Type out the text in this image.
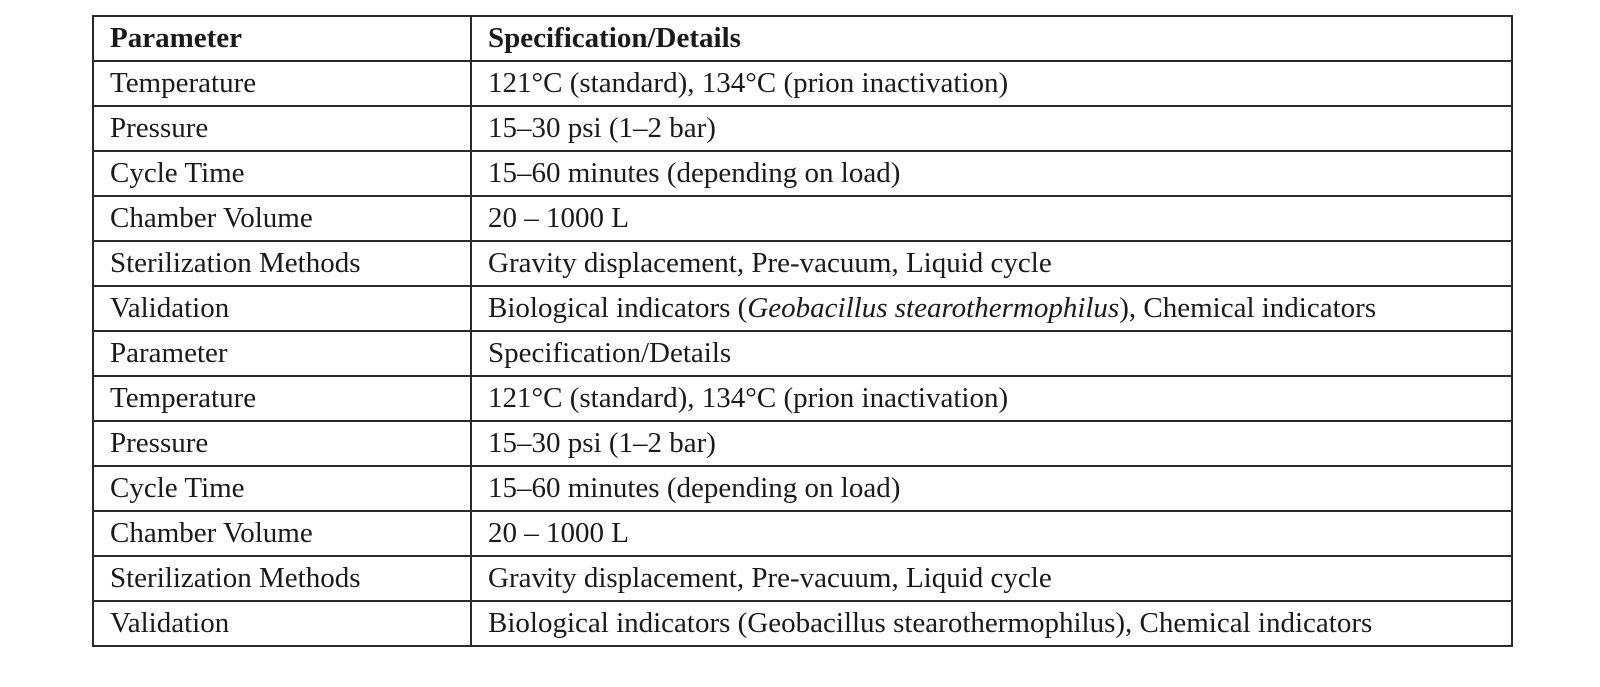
Parameter	Specification/Details
Temperature	121°C (standard), 134°C (prion inactivation)
Pressure	15–30 psi (1–2 bar)
Cycle Time	15–60 minutes (depending on load)
Chamber Volume	20 – 1000 L
Sterilization Methods	Gravity displacement, Pre-vacuum, Liquid cycle
Validation	Biological indicators (Geobacillus stearothermophilus), Chemical indicators
Parameter	Specification/Details
Temperature	121°C (standard), 134°C (prion inactivation)
Pressure	15–30 psi (1–2 bar)
Cycle Time	15–60 minutes (depending on load)
Chamber Volume	20 – 1000 L
Sterilization Methods	Gravity displacement, Pre-vacuum, Liquid cycle
Validation	Biological indicators (Geobacillus stearothermophilus), Chemical indicators
